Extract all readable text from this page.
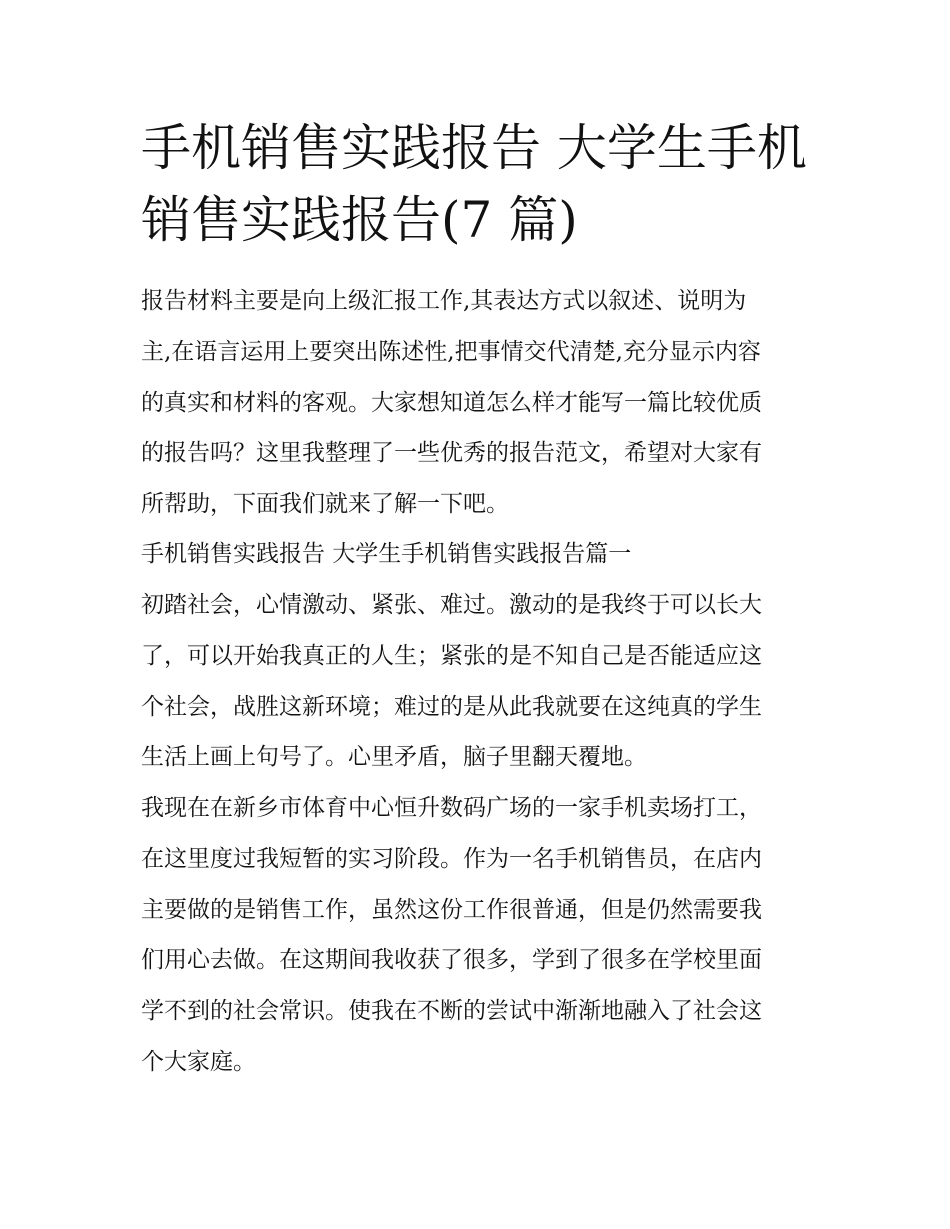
手机销售实践报告 大学生手机
销售实践报告(7 篇)
报告材料主要是向上级汇报工作,其表达方式以叙述、说明为
主,在语言运用上要突出陈述性,把事情交代清楚,充分显示内容
的真实和材料的客观。大家想知道怎么样才能写一篇比较优质
的报告吗？这里我整理了一些优秀的报告范文，希望对大家有
所帮助，下面我们就来了解一下吧。
手机销售实践报告 大学生手机销售实践报告篇一
初踏社会，心情激动、紧张、难过。激动的是我终于可以长大
了，可以开始我真正的人生；紧张的是不知自己是否能适应这
个社会，战胜这新环境；难过的是从此我就要在这纯真的学生
生活上画上句号了。心里矛盾，脑子里翻天覆地。
我现在在新乡市体育中心恒升数码广场的一家手机卖场打工，
在这里度过我短暂的实习阶段。作为一名手机销售员，在店内
主要做的是销售工作，虽然这份工作很普通，但是仍然需要我
们用心去做。在这期间我收获了很多，学到了很多在学校里面
学不到的社会常识。使我在不断的尝试中渐渐地融入了社会这
个大家庭。
